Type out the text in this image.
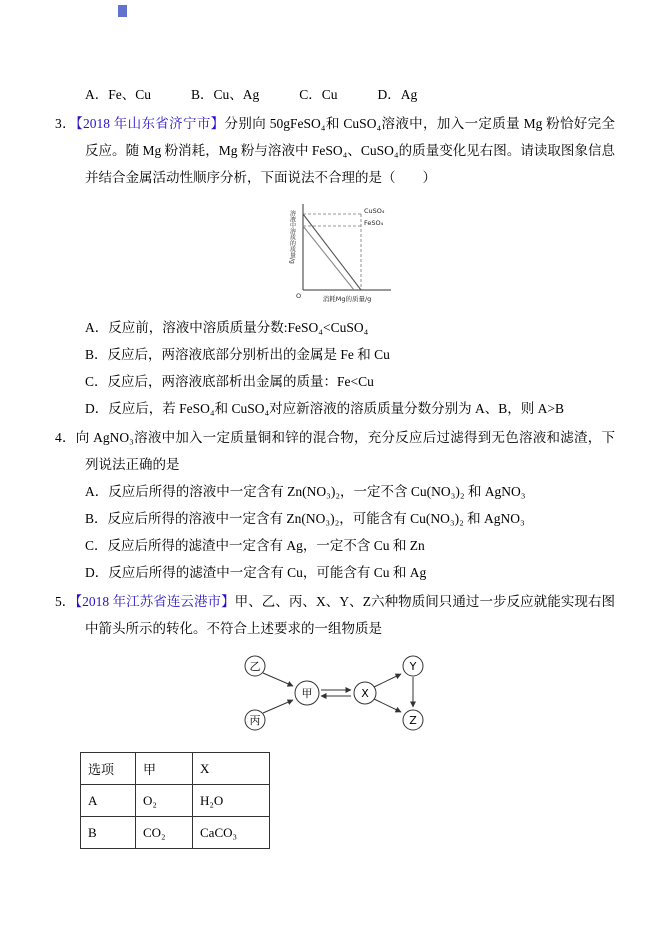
A．Fe、Cu	B．Cu、Ag	C．Cu	D．Ag

3．【2018 年山东省济宁市】分别向 50gFeSO₄和 CuSO₄溶液中，加入一定质量 Mg 粉恰好完全反应。随 Mg 粉消耗，Mg 粉与溶液中 FeSO₄、CuSO₄的质量变化见右图。请读取图象信息并结合金属活动性顺序分析，下面说法不合理的是（　　）

CuSO₄
FeSO₄
溶液中溶质的质量/g
O	消耗Mg的质量/g
A．反应前，溶液中溶质质量分数:FeSO₄<CuSO₄
B．反应后，两溶液底部分别析出的金属是 Fe 和 Cu
C．反应后，两溶液底部析出金属的质量：Fe<Cu
D．反应后，若 FeSO₄和 CuSO₄对应新溶液的溶质质量分数分别为 A、B，则 A>B

4．向 AgNO₃溶液中加入一定质量铜和锌的混合物，充分反应后过滤得到无色溶液和滤渣，下列说法正确的是

A．反应后所得的溶液中一定含有 Zn(NO₃)₂，一定不含 Cu(NO₃)₂ 和 AgNO₃
B．反应后所得的溶液中一定含有 Zn(NO₃)₂，可能含有 Cu(NO₃)₂ 和 AgNO₃
C．反应后所得的滤渣中一定含有 Ag，一定不含 Cu 和 Zn
D．反应后所得的滤渣中一定含有 Cu，可能含有 Cu 和 Ag

5．【2018 年江苏省连云港市】甲、乙、丙、X、Y、Z六种物质间只通过一步反应就能实现右图中箭头所示的转化。不符合上述要求的一组物质是

乙
丙
甲	X
Y
Z
选项	甲	X
A	O₂	H₂O
B	CO₂	CaCO₃
